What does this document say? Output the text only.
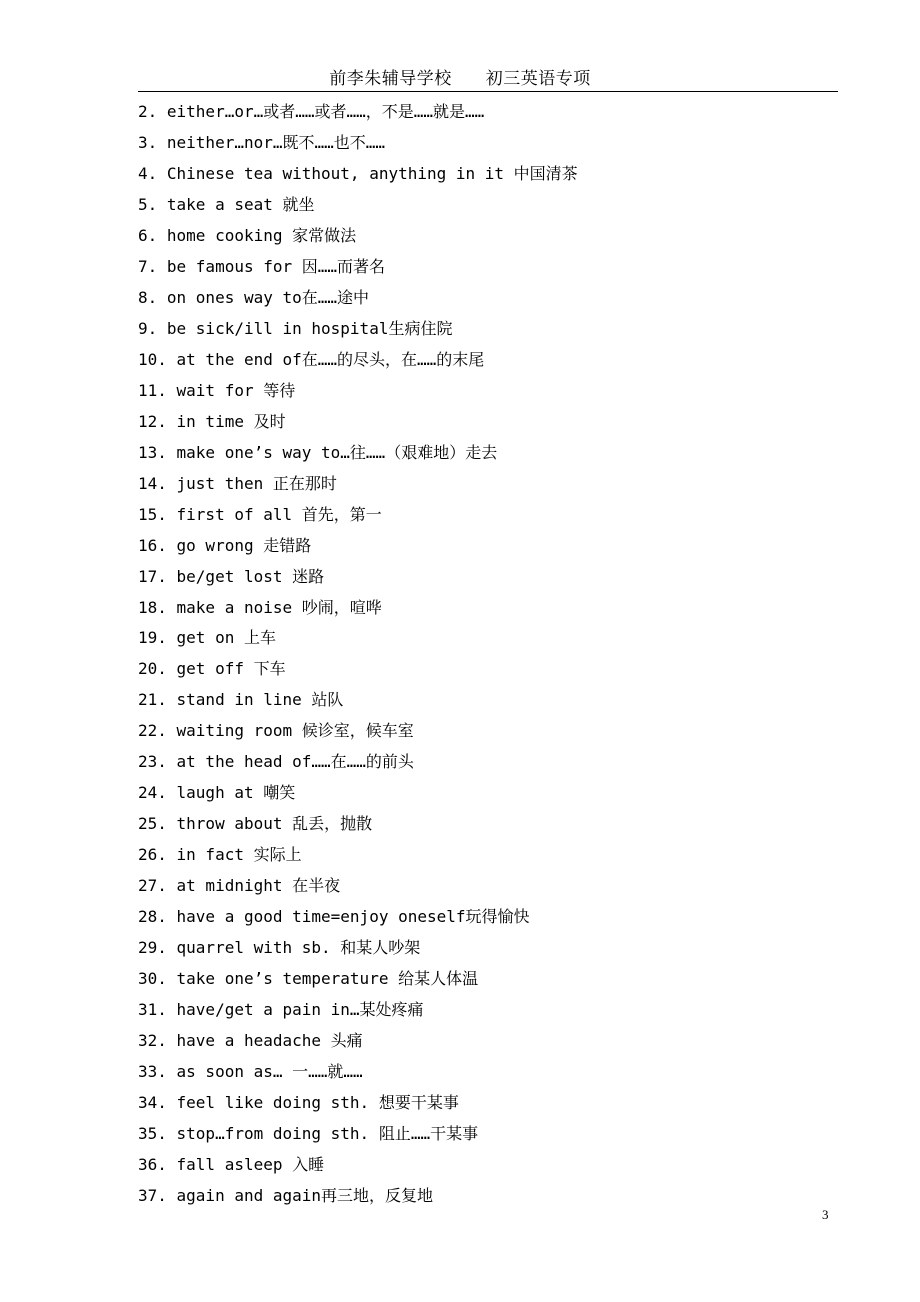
前李朱辅导学校 初三英语专项
2. either…or…或者……或者……，不是……就是……
3. neither…nor…既不……也不……
4. Chinese tea without, anything in it 中国清茶
5. take a seat 就坐
6. home cooking 家常做法
7. be famous for 因……而著名
8. on ones way to在……途中
9. be sick/ill in hospital生病住院
10. at the end of在……的尽头，在……的末尾
11. wait for 等待
12. in time 及时
13. make one’s way to…往……（艰难地）走去
14. just then 正在那时
15. first of all 首先，第一
16. go wrong 走错路
17. be/get lost 迷路
18. make a noise 吵闹，喧哗
19. get on 上车
20. get off 下车
21. stand in line 站队
22. waiting room 候诊室，候车室
23. at the head of……在……的前头
24. laugh at 嘲笑
25. throw about 乱丢，抛散
26. in fact 实际上
27. at midnight 在半夜
28. have a good time=enjoy oneself玩得愉快
29. quarrel with sb. 和某人吵架
30. take one’s temperature 给某人体温
31. have/get a pain in…某处疼痛
32. have a headache 头痛
33. as soon as… 一……就……
34. feel like doing sth. 想要干某事
35. stop…from doing sth. 阻止……干某事
36. fall asleep 入睡
37. again and again再三地，反复地
3
